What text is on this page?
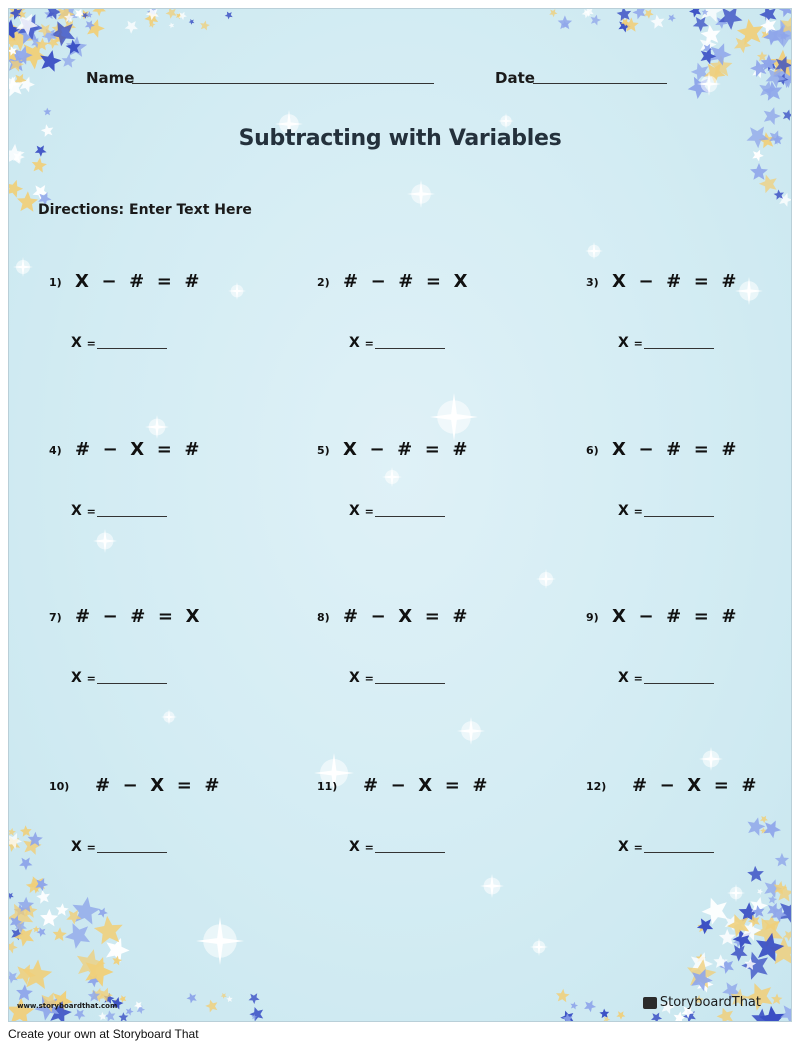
Name	Date
Subtracting with Variables
Directions: Enter Text Here
1) X − # = #
X =
2) # − # = X
X =
3) X − # = #
X =
4) # − X = #
X =
5) X − # = #
X =
6) X − # = #
X =
7) # − # = X
X =
8) # − X = #
X =
9) X − # = #
X =
10) # − X = #
X =
11) # − X = #
X =
12) # − X = #
X =
www.storyboardthat.com	StoryboardThat
Create your own at Storyboard That
